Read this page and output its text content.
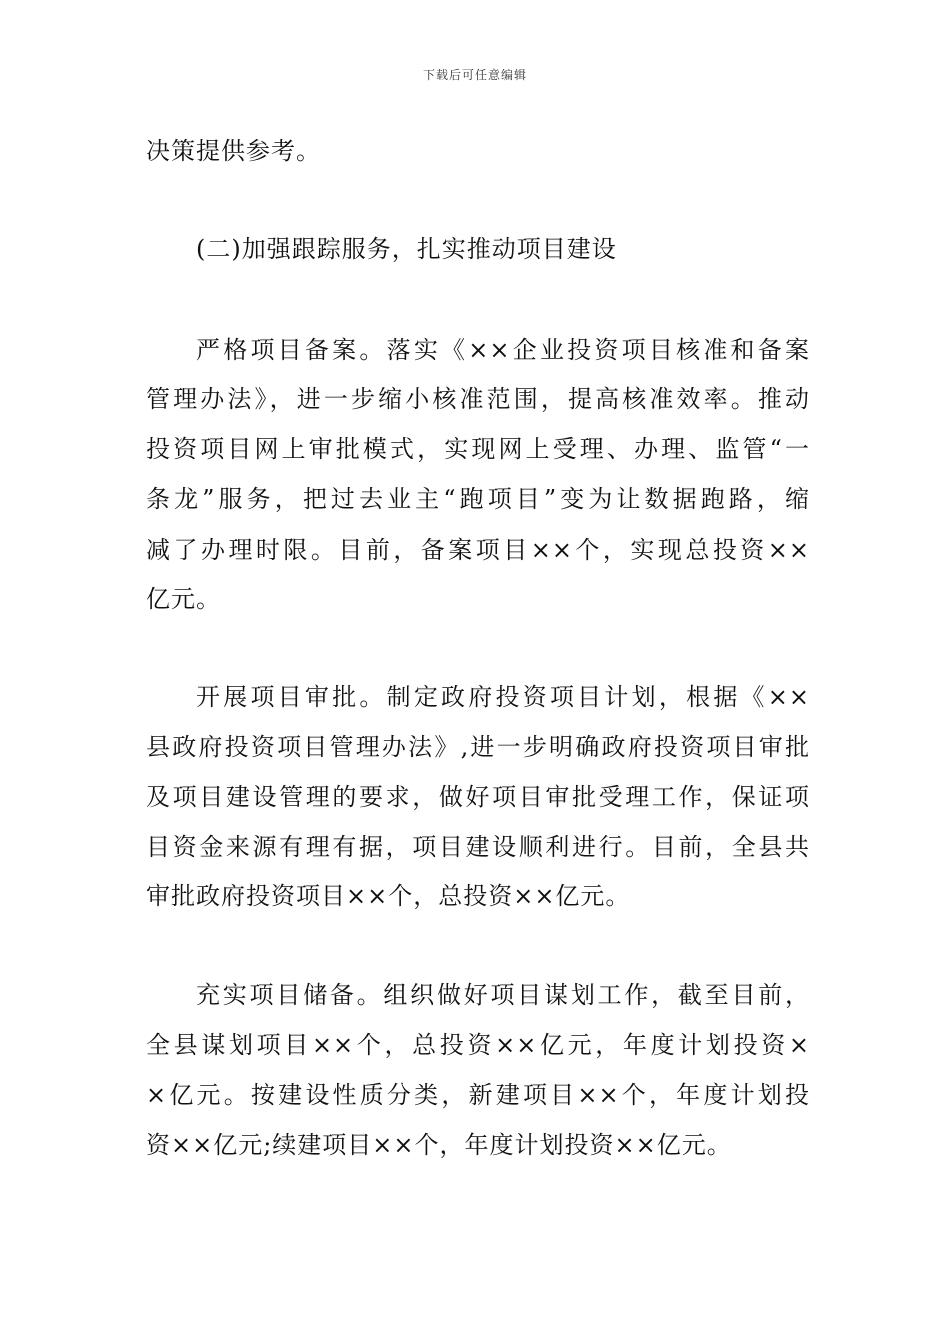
下载后可任意编辑
决策提供参考。
(二)加强跟踪服务，扎实推动项目建设
严格项目备案。落实《××企业投资项目核准和备案
管理办法》，进一步缩小核准范围，提高核准效率。推动
投资项目网上审批模式，实现网上受理、办理、监管“一
条龙”服务，把过去业主“跑项目”变为让数据跑路，缩
减了办理时限。目前，备案项目××个，实现总投资××
亿元。
开展项目审批。制定政府投资项目计划，根据《××
县政府投资项目管理办法》,进一步明确政府投资项目审批
及项目建设管理的要求，做好项目审批受理工作，保证项
目资金来源有理有据，项目建设顺利进行。目前，全县共
审批政府投资项目××个，总投资××亿元。
充实项目储备。组织做好项目谋划工作，截至目前，
全县谋划项目××个，总投资××亿元，年度计划投资×
×亿元。按建设性质分类，新建项目××个，年度计划投
资××亿元;续建项目××个，年度计划投资××亿元。
